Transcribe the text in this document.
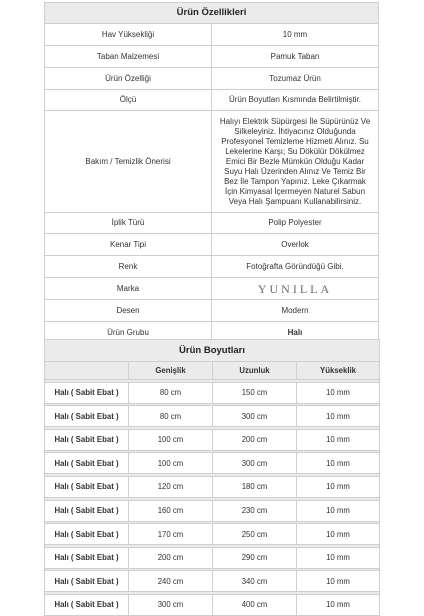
Ürün Özellikleri	
Hav Yüksekliği	10 mm
Taban Malzemesi	Pamuk Taban
Ürün Özelliği	Tozumaz Ürün
Ölçü	Ürün Boyutları Kısmında Belirtilmiştir.
Bakım / Temizlik Önerisi	Halıyı Elektrik Süpürgesi İle Süpürünüz Ve Silkeleyiniz. İhtiyacınız Olduğunda Profesyonel Temizleme Hizmeti Alınız. Su Lekelerine Karşı; Su Dökülür Dökülmez Emici Bir Bezle Mümkün Olduğu Kadar Suyu Halı Üzerinden Alınız Ve Temiz Bir Bez İle Tampon Yapınız. Leke Çıkarmak İçin Kimyasal İçermeyen Naturel Sabun Veya Halı Şampuanı Kullanabilirsiniz.
İplik Türü	Polip Polyester
Kenar Tipi	Overlok
Renk	Fotoğrafta Göründüğü Gibi.
Marka	YUNILLA
Desen	Modern
Ürün Grubu	Halı
Ürün Boyutları			
	Genişlik	Uzunluk	Yükseklik

Halı ( Sabit Ebat )	80 cm	150 cm	10 mm

Halı ( Sabit Ebat )	80 cm	300 cm	10 mm

Halı ( Sabit Ebat )	100 cm	200 cm	10 mm

Halı ( Sabit Ebat )	100 cm	300 cm	10 mm

Halı ( Sabit Ebat )	120 cm	180 cm	10 mm

Halı ( Sabit Ebat )	160 cm	230 cm	10 mm

Halı ( Sabit Ebat )	170 cm	250 cm	10 mm

Halı ( Sabit Ebat )	200 cm	290 cm	10 mm

Halı ( Sabit Ebat )	240 cm	340 cm	10 mm

Halı ( Sabit Ebat )	300 cm	400 cm	10 mm
